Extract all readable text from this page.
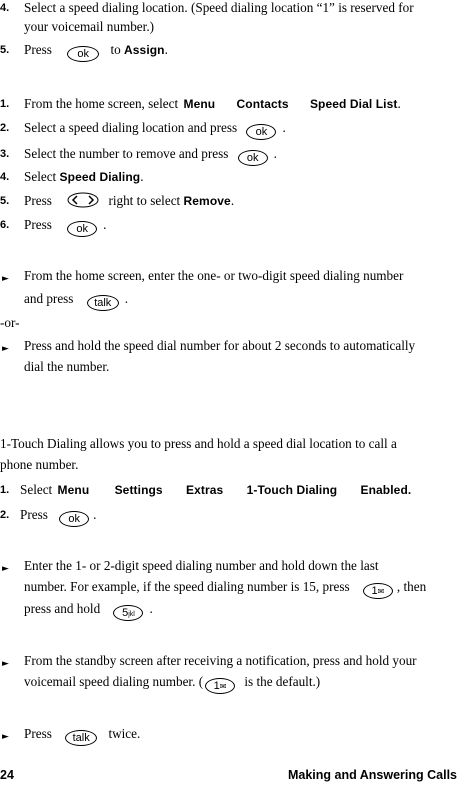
4. Select a speed dialing location. (Speed dialing location “1” is reserved for
your voicemail number.)
5. Press ok to Assign.
1. From the home screen, select Menu Contacts Speed Dial List.
2. Select a speed dialing location and press ok .
3. Select the number to remove and press ok .
4. Select Speed Dialing.
5. Press	right to select Remove.
6. Press ok .
► From the home screen, enter the one- or two-digit speed dialing number
and press talk .
-or-
► Press and hold the speed dial number for about 2 seconds to automatically
dial the number.
1-Touch Dialing allows you to press and hold a speed dial location to call a
phone number.
1. Select Menu Settings Extras 1-Touch Dialing Enabled.
2. Press ok .
► Enter the 1- or 2-digit speed dialing number and hold down the last
number. For example, if the speed dialing number is 15, press 1✉ , then
press and hold 5jkl .
► From the standby screen after receiving a notification, press and hold your
voicemail speed dialing number. ( 1✉ is the default.)
► Press talk twice.
24	Making and Answering Calls
